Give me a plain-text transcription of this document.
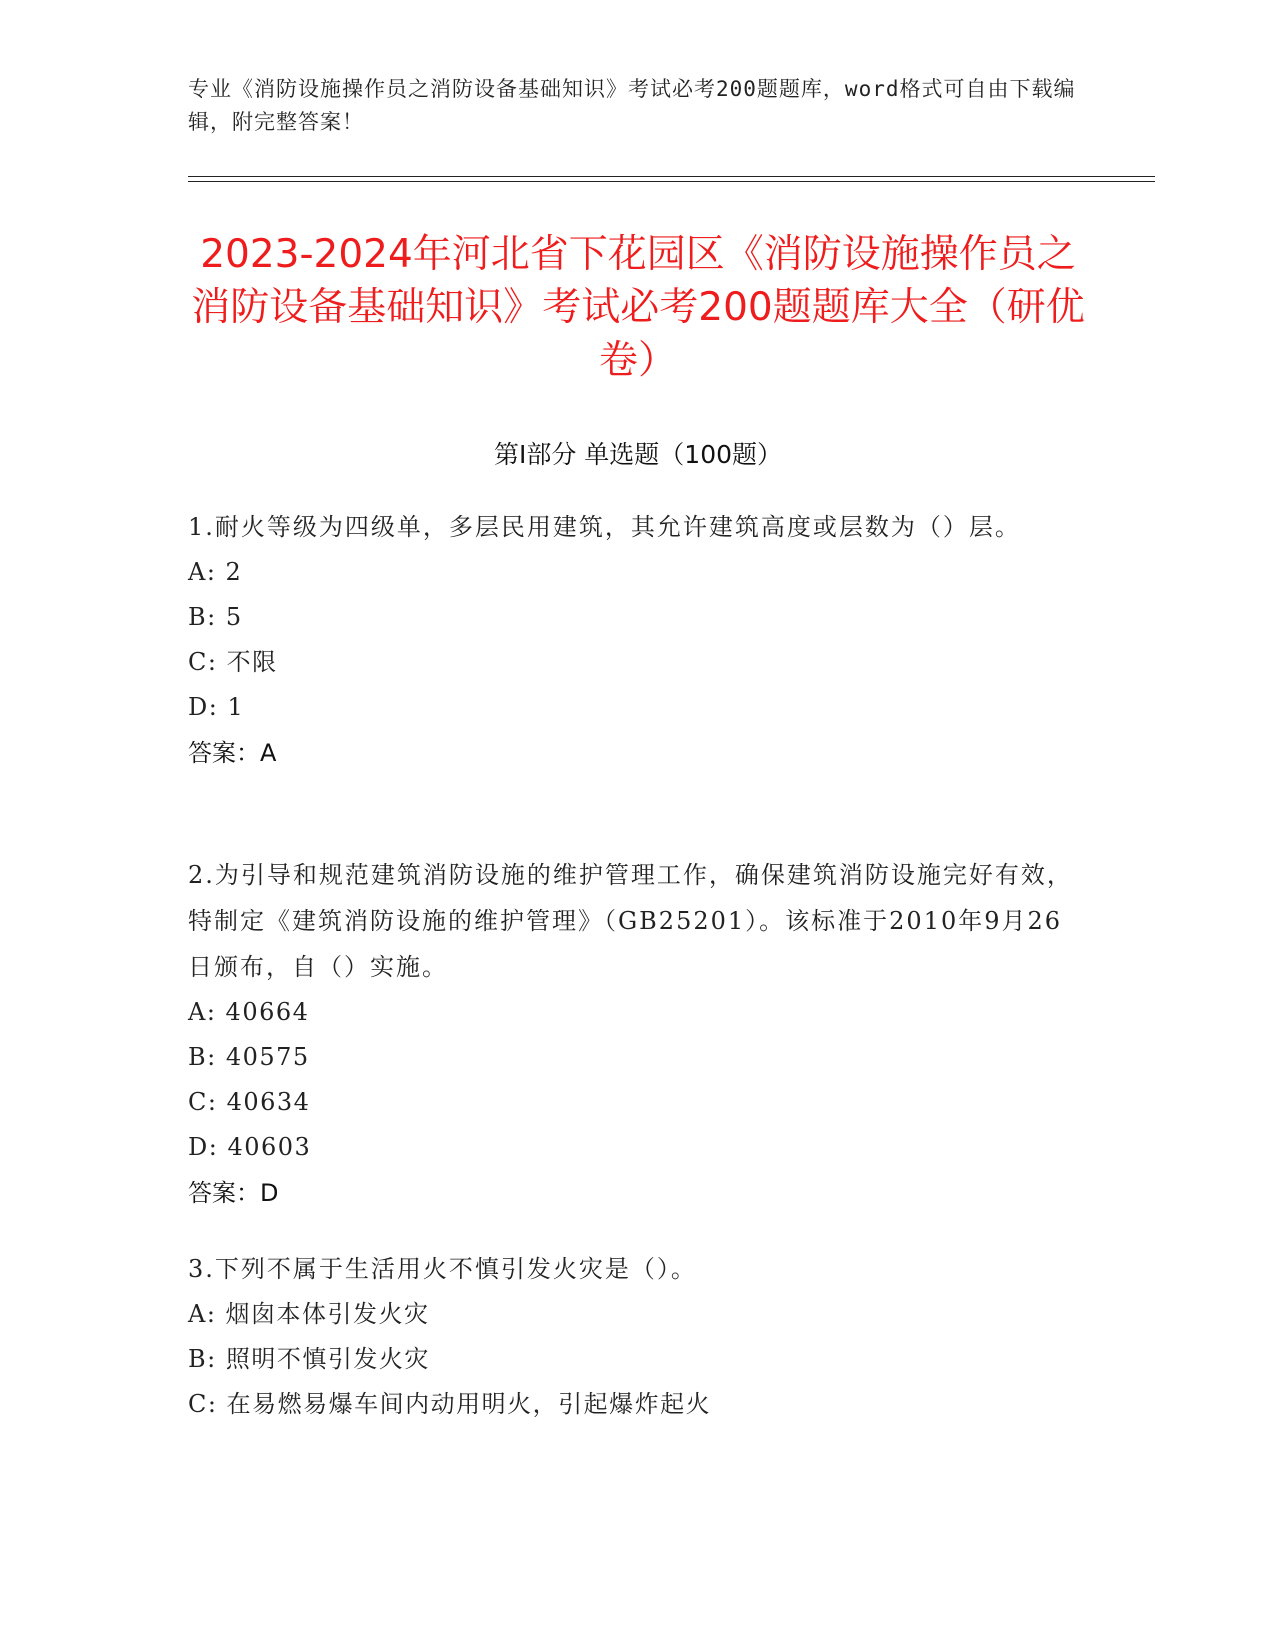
专业《消防设施操作员之消防设备基础知识》考试必考200题题库，word格式可自由下载编辑，附完整答案！
2023-2024年河北省下花园区《消防设施操作员之消防设备基础知识》考试必考200题题库大全（研优卷）
第I部分 单选题（100题）
1.耐火等级为四级单，多层民用建筑，其允许建筑高度或层数为（）层。
A: 2
B: 5
C: 不限
D: 1
答案：A
2.为引导和规范建筑消防设施的维护管理工作，确保建筑消防设施完好有效，特制定《建筑消防设施的维护管理》（GB25201）。该标准于2010年9月26日颁布，自（）实施。
A: 40664
B: 40575
C: 40634
D: 40603
答案：D
3.下列不属于生活用火不慎引发火灾是（）。
A: 烟囱本体引发火灾
B: 照明不慎引发火灾
C: 在易燃易爆车间内动用明火，引起爆炸起火
